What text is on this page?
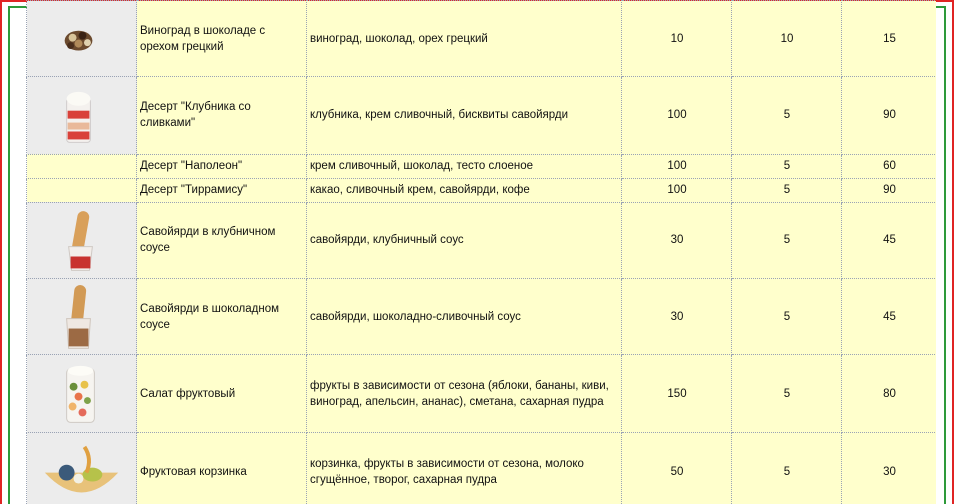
	Виноград в шоколаде с орехом грецкий	виноград, шоколад, орех грецкий	10	10	15

	Десерт "Клубника со сливками"	клубника, крем сливочный, бисквиты савойярди	100	5	90
	Десерт "Наполеон"	крем сливочный, шоколад, тесто слоеное	100	5	60
	Десерт "Тиррамису"	какао, сливочный крем, савойярди, кофе	100	5	90

	Савойярди в клубничном соусе	савойярди, клубничный соус	30	5	45

	Савойярди в шоколадном соусе	савойярди, шоколадно-сливочный соус	30	5	45

	Салат фруктовый	фрукты в зависимости от сезона (яблоки, бананы, киви, виноград, апельсин, ананас), сметана, сахарная пудра	150	5	80

	Фруктовая корзинка	корзинка, фрукты в зависимости от сезона, молоко сгущённое, творог, сахарная пудра	50	5	30
